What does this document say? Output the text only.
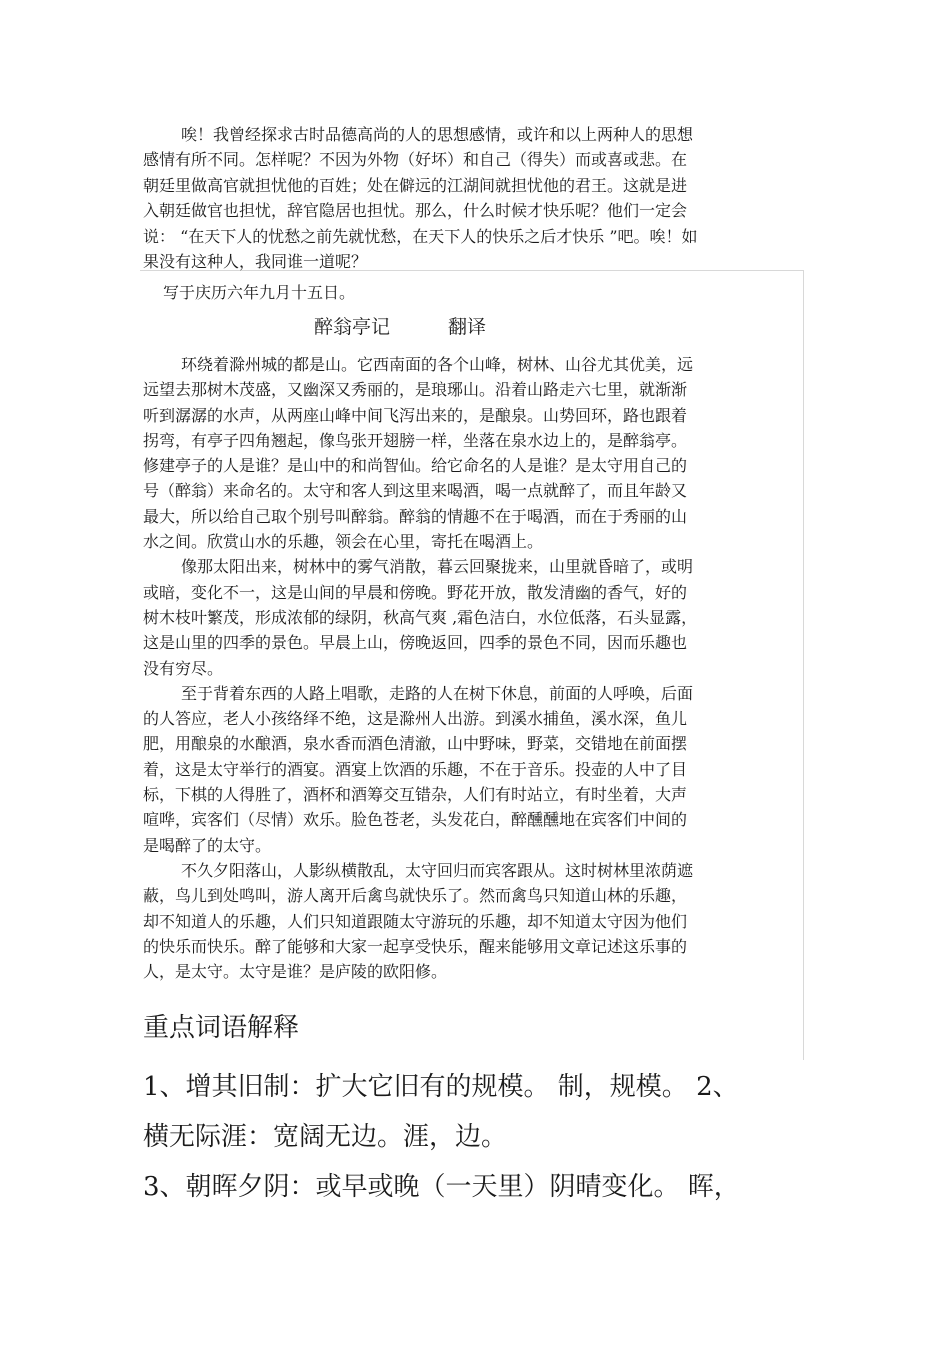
唉！我曾经探求古时品德高尚的人的思想感情，或许和以上两种人的思想
感情有所不同。怎样呢？不因为外物（好坏）和自己（得失）而或喜或悲。在
朝廷里做高官就担忧他的百姓；处在僻远的江湖间就担忧他的君王。这就是进
入朝廷做官也担忧，辞官隐居也担忧。那么，什么时候才快乐呢？他们一定会
说： “在天下人的忧愁之前先就忧愁，在天下人的快乐之后才快乐 ”吧。唉！如
果没有这种人，我同谁一道呢？
写于庆历六年九月十五日。
醉翁亭记	翻译
环绕着滁州城的都是山。它西南面的各个山峰，树林、山谷尤其优美，远
远望去那树木茂盛，又幽深又秀丽的，是琅琊山。沿着山路走六七里，就渐渐
听到潺潺的水声，从两座山峰中间飞泻出来的，是酿泉。山势回环，路也跟着
拐弯，有亭子四角翘起，像鸟张开翅膀一样，坐落在泉水边上的，是醉翁亭。
修建亭子的人是谁？是山中的和尚智仙。给它命名的人是谁？是太守用自己的
号（醉翁）来命名的。太守和客人到这里来喝酒，喝一点就醉了，而且年龄又
最大，所以给自己取个别号叫醉翁。醉翁的情趣不在于喝酒，而在于秀丽的山
水之间。欣赏山水的乐趣，领会在心里，寄托在喝酒上。
像那太阳出来，树林中的雾气消散，暮云回聚拢来，山里就昏暗了，或明
或暗，变化不一，这是山间的早晨和傍晚。野花开放，散发清幽的香气，好的
树木枝叶繁茂，形成浓郁的绿阴，秋高气爽 ,霜色洁白，水位低落，石头显露，
这是山里的四季的景色。早晨上山，傍晚返回，四季的景色不同，因而乐趣也
没有穷尽。
至于背着东西的人路上唱歌，走路的人在树下休息，前面的人呼唤，后面
的人答应，老人小孩络绎不绝，这是滁州人出游。到溪水捕鱼，溪水深，鱼儿
肥，用酿泉的水酿酒，泉水香而酒色清澈，山中野味，野菜，交错地在前面摆
着，这是太守举行的酒宴。酒宴上饮酒的乐趣，不在于音乐。投壶的人中了目
标，下棋的人得胜了，酒杯和酒筹交互错杂，人们有时站立，有时坐着，大声
喧哗，宾客们（尽情）欢乐。脸色苍老，头发花白，醉醺醺地在宾客们中间的
是喝醉了的太守。
不久夕阳落山，人影纵横散乱，太守回归而宾客跟从。这时树林里浓荫遮
蔽，鸟儿到处鸣叫，游人离开后禽鸟就快乐了。然而禽鸟只知道山林的乐趣，
却不知道人的乐趣，人们只知道跟随太守游玩的乐趣，却不知道太守因为他们
的快乐而快乐。醉了能够和大家一起享受快乐，醒来能够用文章记述这乐事的
人，是太守。太守是谁？是庐陵的欧阳修。
重点词语解释
1、增其旧制：扩大它旧有的规模。 制，规模。 2、
横无际涯：宽阔无边。涯，边。
3、朝晖夕阴：或早或晚（一天里）阴晴变化。 晖，
